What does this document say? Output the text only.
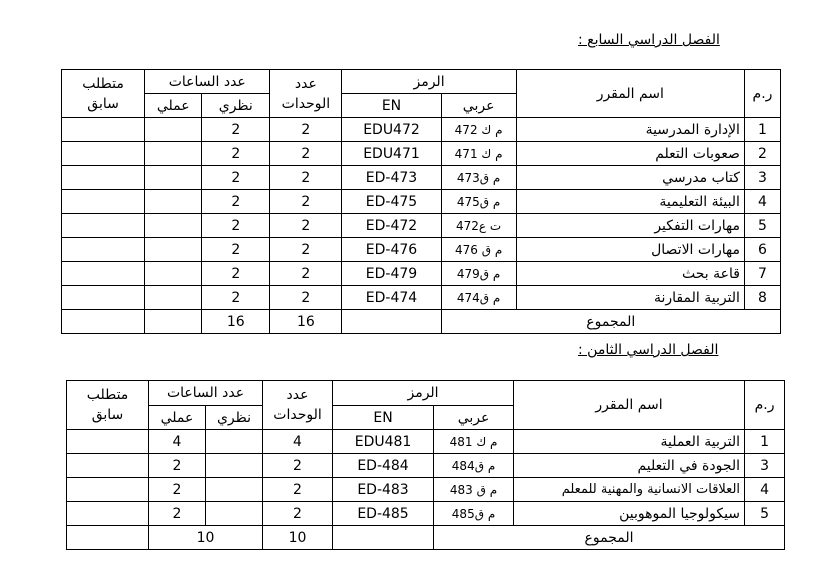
الفصل الدراسي السابع :
ر.م	اسم المقرر	الرمز		عدد الوحدات	عدد الساعات		متطلب سابق
		عربي	EN		نظري	عملي	
1	الإدارة المدرسية	م ك 472	EDU472	2	2		
2	صعوبات التعلم	م ك 471	EDU471	2	2		
3	كتاب مدرسي	م ق473	ED-473	2	2		
4	البيئة التعليمية	م ق475	ED-475	2	2		
5	مهارات التفكير	ت ع472	ED-472	2	2		
6	مهارات الاتصال	م ق 476	ED-476	2	2		
7	قاعة بحث	م ق479	ED-479	2	2		
8	التربية المقارنة	م ق474	ED-474	2	2		
المجموع				16	16		
الفصل الدراسي الثامن :
ر.م	اسم المقرر	الرمز		عدد الوحدات	عدد الساعات		متطلب سابق
		عربي	EN		نظري	عملي	
1	التربية العملية	م ك 481	EDU481	4		4	
3	الجودة في التعليم	م ق484	ED-484	2		2	
4	العلاقات الانسانية والمهنية للمعلم	م ق 483	ED-483	2		2	
5	سيكولوجيا الموهوبين	م ق485	ED-485	2		2	
المجموع				10	10		
